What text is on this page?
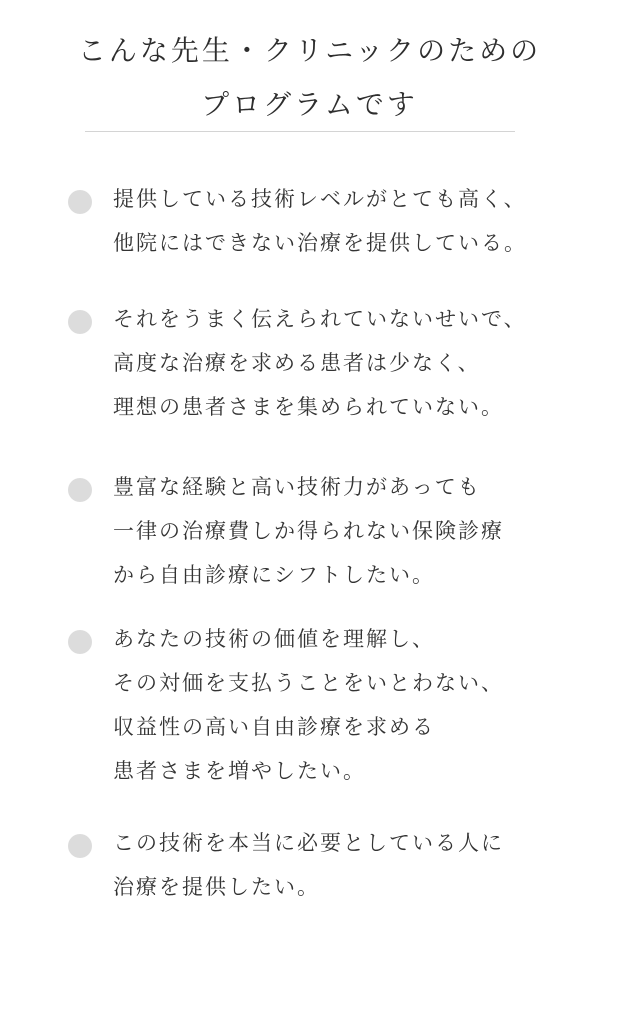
こんな先生・クリニックのための
プログラムです
提供している技術レベルがとても高く、
他院にはできない治療を提供している。
それをうまく伝えられていないせいで、
高度な治療を求める患者は少なく、
理想の患者さまを集められていない。
豊富な経験と高い技術力があっても
一律の治療費しか得られない保険診療
から自由診療にシフトしたい。
あなたの技術の価値を理解し、
その対価を支払うことをいとわない、
収益性の高い自由診療を求める
患者さまを増やしたい。
この技術を本当に必要としている人に
治療を提供したい。
